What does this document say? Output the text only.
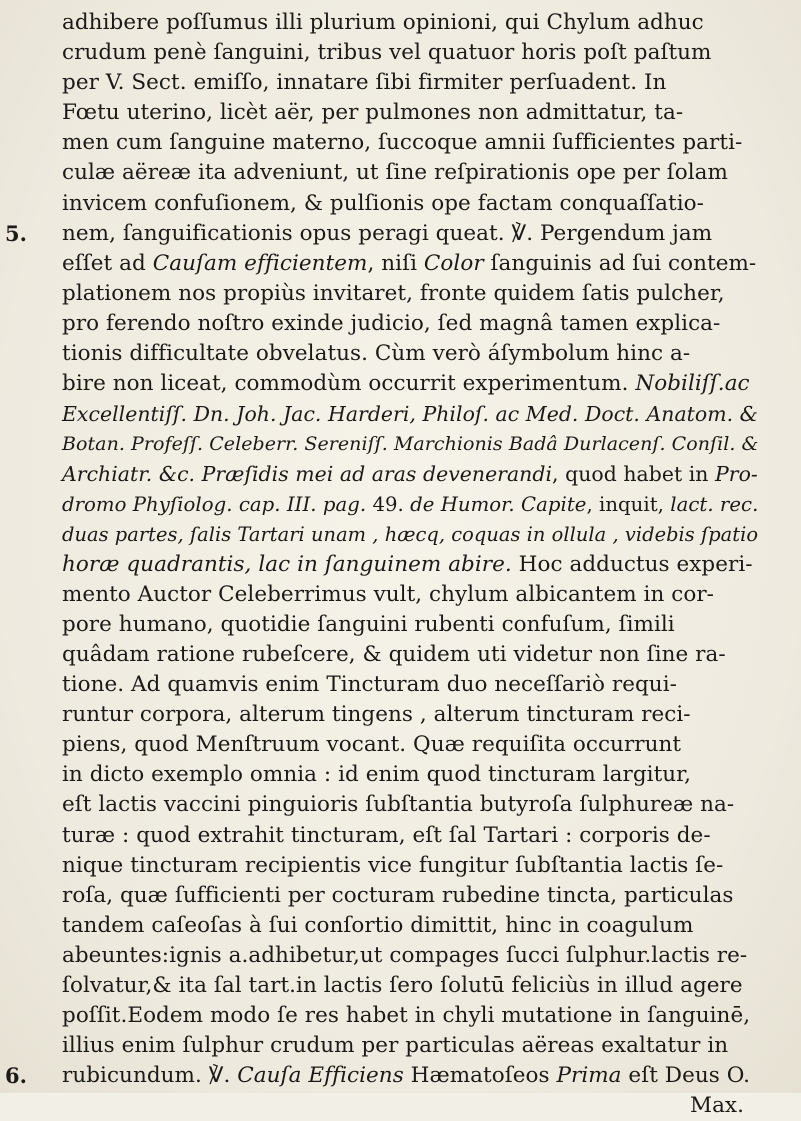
adhibere poſſumus illi plurium opinioni, qui Chylum adhuc
crudum penè ſanguini, tribus vel quatuor horis poſt paſtum
per V. Sect. emiſſo, innatare ſibi firmiter perſuadent. In
Fœtu uterino, licèt aër, per pulmones non admittatur, ta-
men cum ſanguine materno, ſuccoque amnii ſufficientes parti-
culæ aëreæ ita adveniunt, ut ſine reſpirationis ope per ſolam
invicem confuſionem, & pulſionis ope factam conquaſſatio-
5. nem, ſanguificationis opus peragi queat. ℣. Pergendum jam
eſſet ad Cauſam efficientem, niſi Color ſanguinis ad ſui contem-
plationem nos propiùs invitaret, fronte quidem ſatis pulcher,
pro ferendo noſtro exinde judicio, ſed magnâ tamen explica-
tionis difficultate obvelatus. Cùm verò áſymbolum hinc a-
bire non liceat, commodùm occurrit experimentum. Nobiliſſ.ac
Excellentiſſ. Dn. Joh. Jac. Harderi, Philoſ. ac Med. Doct. Anatom. &
Botan. Profeſſ. Celeberr. Sereniſſ. Marchionis Badâ Durlacenſ. Conſil. &
Archiatr. &c. Præſidis mei ad aras devenerandi, quod habet in Pro-
dromo Phyſiolog. cap. III. pag. 49. de Humor. Capite, inquit, lact. rec.
duas partes, ſalis Tartari unam , hæcq, coquas in ollula , videbis ſpatio
horæ quadrantis, lac in ſanguinem abire. Hoc adductus experi-
mento Auctor Celeberrimus vult, chylum albicantem in cor-
pore humano, quotidie ſanguini rubenti confuſum, ſimili
quâdam ratione rubeſcere, & quidem uti videtur non ſine ra-
tione. Ad quamvis enim Tincturam duo neceſſariò requi-
runtur corpora, alterum tingens , alterum tincturam reci-
piens, quod Menſtruum vocant. Quæ requiſita occurrunt
in dicto exemplo omnia : id enim quod tincturam largitur,
eſt lactis vaccini pinguioris ſubſtantia butyroſa ſulphureæ na-
turæ : quod extrahit tincturam, eſt ſal Tartari : corporis de-
nique tincturam recipientis vice fungitur ſubſtantia lactis ſe-
roſa, quæ ſufficienti per cocturam rubedine tincta, particulas
tandem caſeoſas à ſui conſortio dimittit, hinc in coagulum
abeuntes:ignis a.adhibetur,ut compages ſucci ſulphur.lactis re-
ſolvatur,& ita ſal tart.in lactis ſero ſolutū feliciùs in illud agere
poſſit.Eodem modo ſe res habet in chyli mutatione in ſanguinē,
illius enim ſulphur crudum per particulas aëreas exaltatur in
6. rubicundum. ℣. Cauſa Efficiens Hæmatoſeos Prima eſt Deus O.
Max.
